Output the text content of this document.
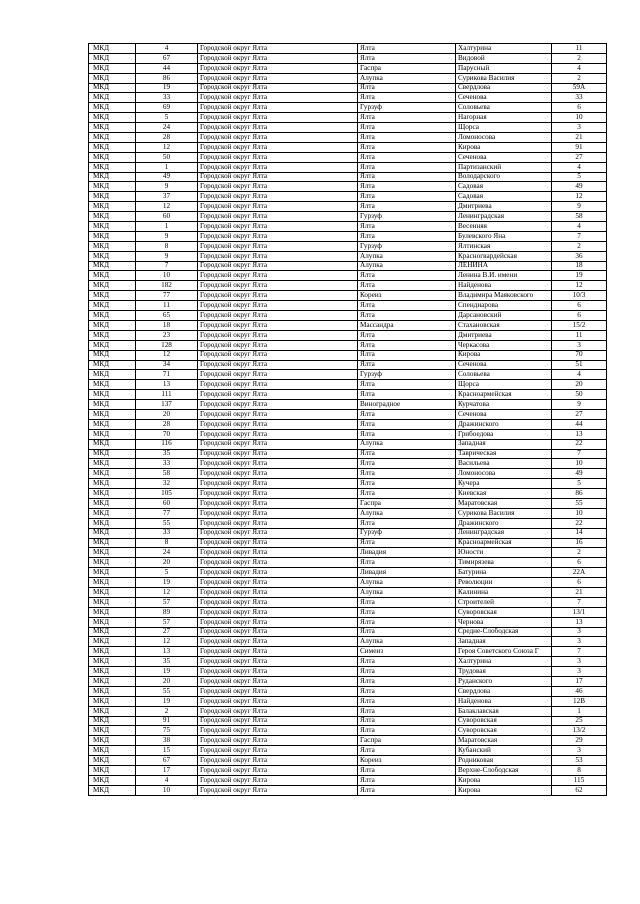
МКД	4	Городской округ Ялта	Ялта	Халтурина	11
МКД	67	Городской округ Ялта	Ялта	Видовой	2
МКД	44	Городской округ Ялта	Гаспра	Парусный	4
МКД	86	Городской округ Ялта	Алупка	Сурикова Василия	2
МКД	19	Городской округ Ялта	Ялта	Свердлова	59А
МКД	33	Городской округ Ялта	Ялта	Сеченова	33
МКД	69	Городской округ Ялта	Гурзуф	Соловьева	6
МКД	5	Городской округ Ялта	Ялта	Нагорная	10
МКД	24	Городской округ Ялта	Ялта	Щорса	3
МКД	28	Городской округ Ялта	Ялта	Ломоносова	21
МКД	12	Городской округ Ялта	Ялта	Кирова	91
МКД	50	Городской округ Ялта	Ялта	Сеченова	27
МКД	1	Городской округ Ялта	Ялта	Партизанский	4
МКД	49	Городской округ Ялта	Ялта	Володарского	5
МКД	9	Городской округ Ялта	Ялта	Садовая	49
МКД	37	Городской округ Ялта	Ялта	Садовая	12
МКД	12	Городской округ Ялта	Ялта	Дмитриева	9
МКД	60	Городской округ Ялта	Гурзуф	Ленинградская	58
МКД	1	Городской округ Ялта	Ялта	Весенняя	4
МКД	9	Городской округ Ялта	Ялта	Булевского Яна	7
МКД	8	Городской округ Ялта	Гурзуф	Ялтинская	2
МКД	9	Городской округ Ялта	Алупка	Красногвардейская	36
МКД	7	Городской округ Ялта	Алупка	ЛЕНИНА	18
МКД	10	Городской округ Ялта	Ялта	Ленина В.И. имени	19
МКД	182	Городской округ Ялта	Ялта	Найденова	12
МКД	77	Городской округ Ялта	Кореиз	Владимира Маяковского	10/3
МКД	11	Городской округ Ялта	Ялта	Спендиарова	6
МКД	65	Городской округ Ялта	Ялта	Дарсановский	6
МКД	18	Городской округ Ялта	Массандра	Стахановская	15/2
МКД	23	Городской округ Ялта	Ялта	Дмитриева	11
МКД	128	Городской округ Ялта	Ялта	Черкасова	3
МКД	12	Городской округ Ялта	Ялта	Кирова	70
МКД	34	Городской округ Ялта	Ялта	Сеченова	51
МКД	71	Городской округ Ялта	Гурзуф	Соловьева	4
МКД	13	Городской округ Ялта	Ялта	Щорса	20
МКД	111	Городской округ Ялта	Ялта	Красноармейская	50
МКД	137	Городской округ Ялта	Виноградное	Курчатова	9
МКД	20	Городской округ Ялта	Ялта	Сеченова	27
МКД	28	Городской округ Ялта	Ялта	Дражинского	44
МКД	70	Городской округ Ялта	Ялта	Грибоедова	13
МКД	116	Городской округ Ялта	Алупка	Западная	22
МКД	35	Городской округ Ялта	Ялта	Таврическая	7
МКД	33	Городской округ Ялта	Ялта	Васильева	10
МКД	58	Городской округ Ялта	Ялта	Ломоносова	49
МКД	32	Городской округ Ялта	Ялта	Кучера	5
МКД	105	Городской округ Ялта	Ялта	Киевская	86
МКД	60	Городской округ Ялта	Гаспра	Маратовская	55
МКД	77	Городской округ Ялта	Алупка	Сурикова Василия	10
МКД	55	Городской округ Ялта	Ялта	Дражинского	22
МКД	33	Городской округ Ялта	Гурзуф	Ленинградская	14
МКД	8	Городской округ Ялта	Ялта	Красноармейская	16
МКД	24	Городской округ Ялта	Ливадия	Юности	2
МКД	20	Городской округ Ялта	Ялта	Тимирязева	6
МКД	5	Городской округ Ялта	Ливадия	Батурина	22А
МКД	19	Городской округ Ялта	Алупка	Революции	6
МКД	12	Городской округ Ялта	Алупка	Калинина	21
МКД	57	Городской округ Ялта	Ялта	Строителей	7
МКД	89	Городской округ Ялта	Ялта	Суворовская	13/1
МКД	57	Городской округ Ялта	Ялта	Чернова	13
МКД	27	Городской округ Ялта	Ялта	Средне-Слободская	3
МКД	12	Городской округ Ялта	Алупка	Западная	3
МКД	13	Городской округ Ялта	Симеиз	Героя Советского Союза Г	7
МКД	35	Городской округ Ялта	Ялта	Халтурина	3
МКД	19	Городской округ Ялта	Ялта	Трудовая	3
МКД	20	Городской округ Ялта	Ялта	Руданского	17
МКД	55	Городской округ Ялта	Ялта	Свердлова	46
МКД	19	Городской округ Ялта	Ялта	Найденова	12В
МКД	2	Городской округ Ялта	Ялта	Балаклавская	1
МКД	91	Городской округ Ялта	Ялта	Суворовская	25
МКД	75	Городской округ Ялта	Ялта	Суворовская	13/2
МКД	38	Городской округ Ялта	Гаспра	Маратовская	29
МКД	15	Городской округ Ялта	Ялта	Кубанский	3
МКД	67	Городской округ Ялта	Кореиз	Родниковая	53
МКД	17	Городской округ Ялта	Ялта	Верхне-Слободская	8
МКД	4	Городской округ Ялта	Ялта	Кирова	115
МКД	10	Городской округ Ялта	Ялта	Кирова	62
